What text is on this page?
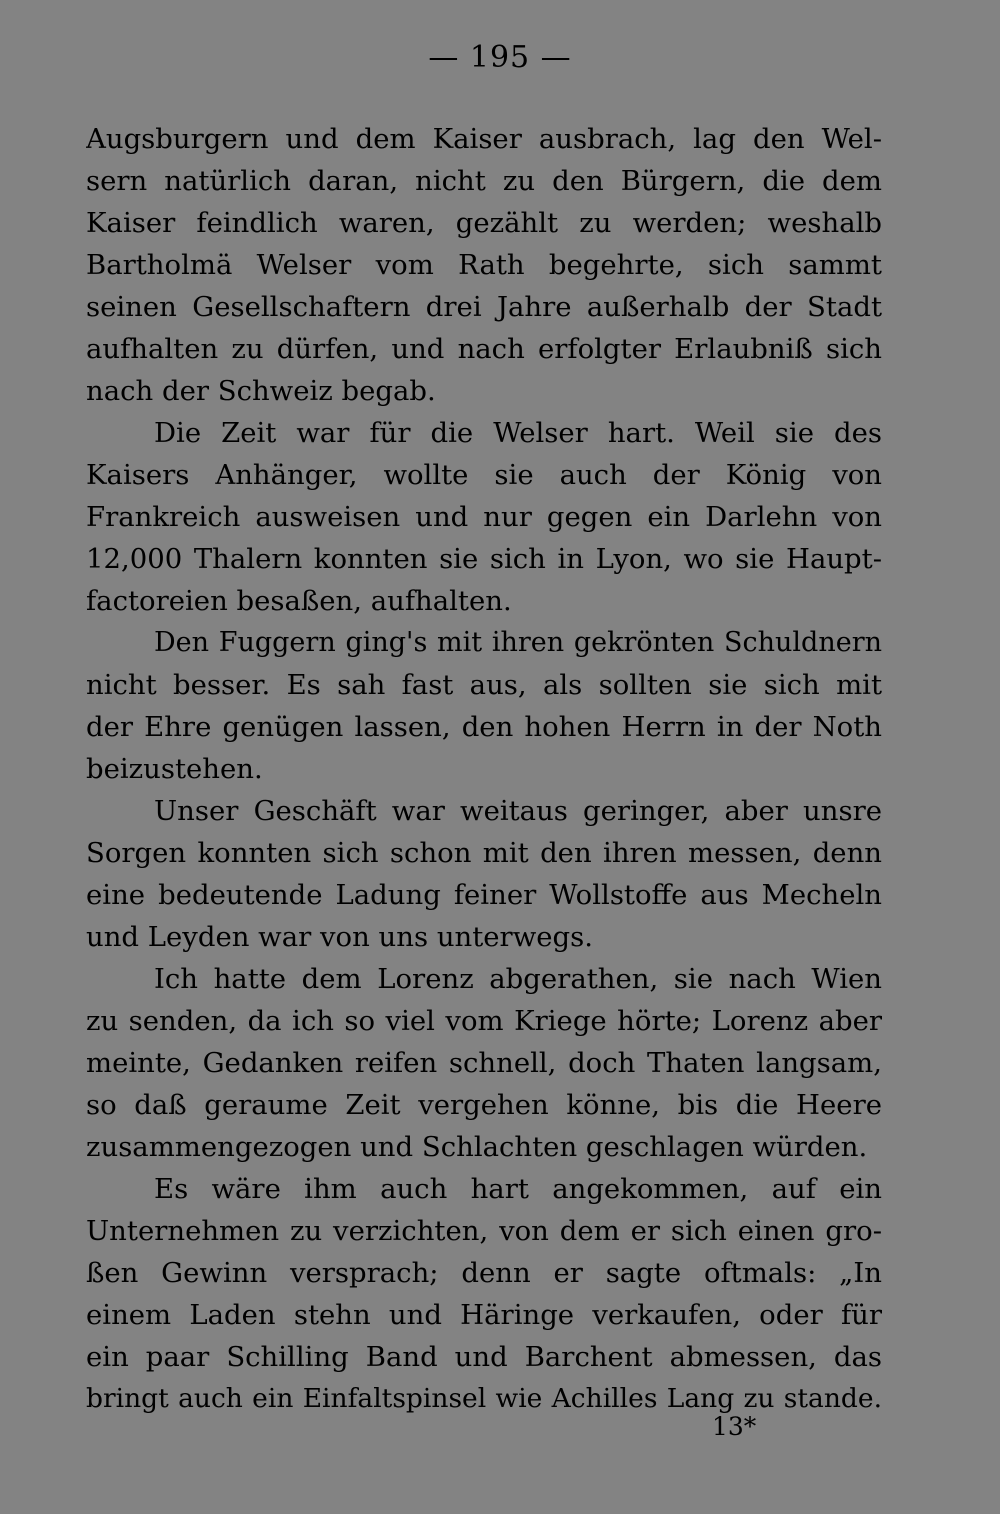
— 195 —
Augsburgern und dem Kaiser ausbrach, lag den Wel-
sern natürlich daran, nicht zu den Bürgern, die dem
Kaiser feindlich waren, gezählt zu werden; weshalb
Bartholmä Welser vom Rath begehrte, sich sammt
seinen Gesellschaftern drei Jahre außerhalb der Stadt
aufhalten zu dürfen, und nach erfolgter Erlaubniß sich
nach der Schweiz begab.
Die Zeit war für die Welser hart. Weil sie des
Kaisers Anhänger, wollte sie auch der König von
Frankreich ausweisen und nur gegen ein Darlehn von
12,000 Thalern konnten sie sich in Lyon, wo sie Haupt-
factoreien besaßen, aufhalten.
Den Fuggern ging's mit ihren gekrönten Schuldnern
nicht besser. Es sah fast aus, als sollten sie sich mit
der Ehre genügen lassen, den hohen Herrn in der Noth
beizustehen.
Unser Geschäft war weitaus geringer, aber unsre
Sorgen konnten sich schon mit den ihren messen, denn
eine bedeutende Ladung feiner Wollstoffe aus Mecheln
und Leyden war von uns unterwegs.
Ich hatte dem Lorenz abgerathen, sie nach Wien
zu senden, da ich so viel vom Kriege hörte; Lorenz aber
meinte, Gedanken reifen schnell, doch Thaten langsam,
so daß geraume Zeit vergehen könne, bis die Heere
zusammengezogen und Schlachten geschlagen würden.
Es wäre ihm auch hart angekommen, auf ein
Unternehmen zu verzichten, von dem er sich einen gro-
ßen Gewinn versprach; denn er sagte oftmals: „In
einem Laden stehn und Häringe verkaufen, oder für
ein paar Schilling Band und Barchent abmessen, das
bringt auch ein Einfaltspinsel wie Achilles Lang zu stande.
13*
